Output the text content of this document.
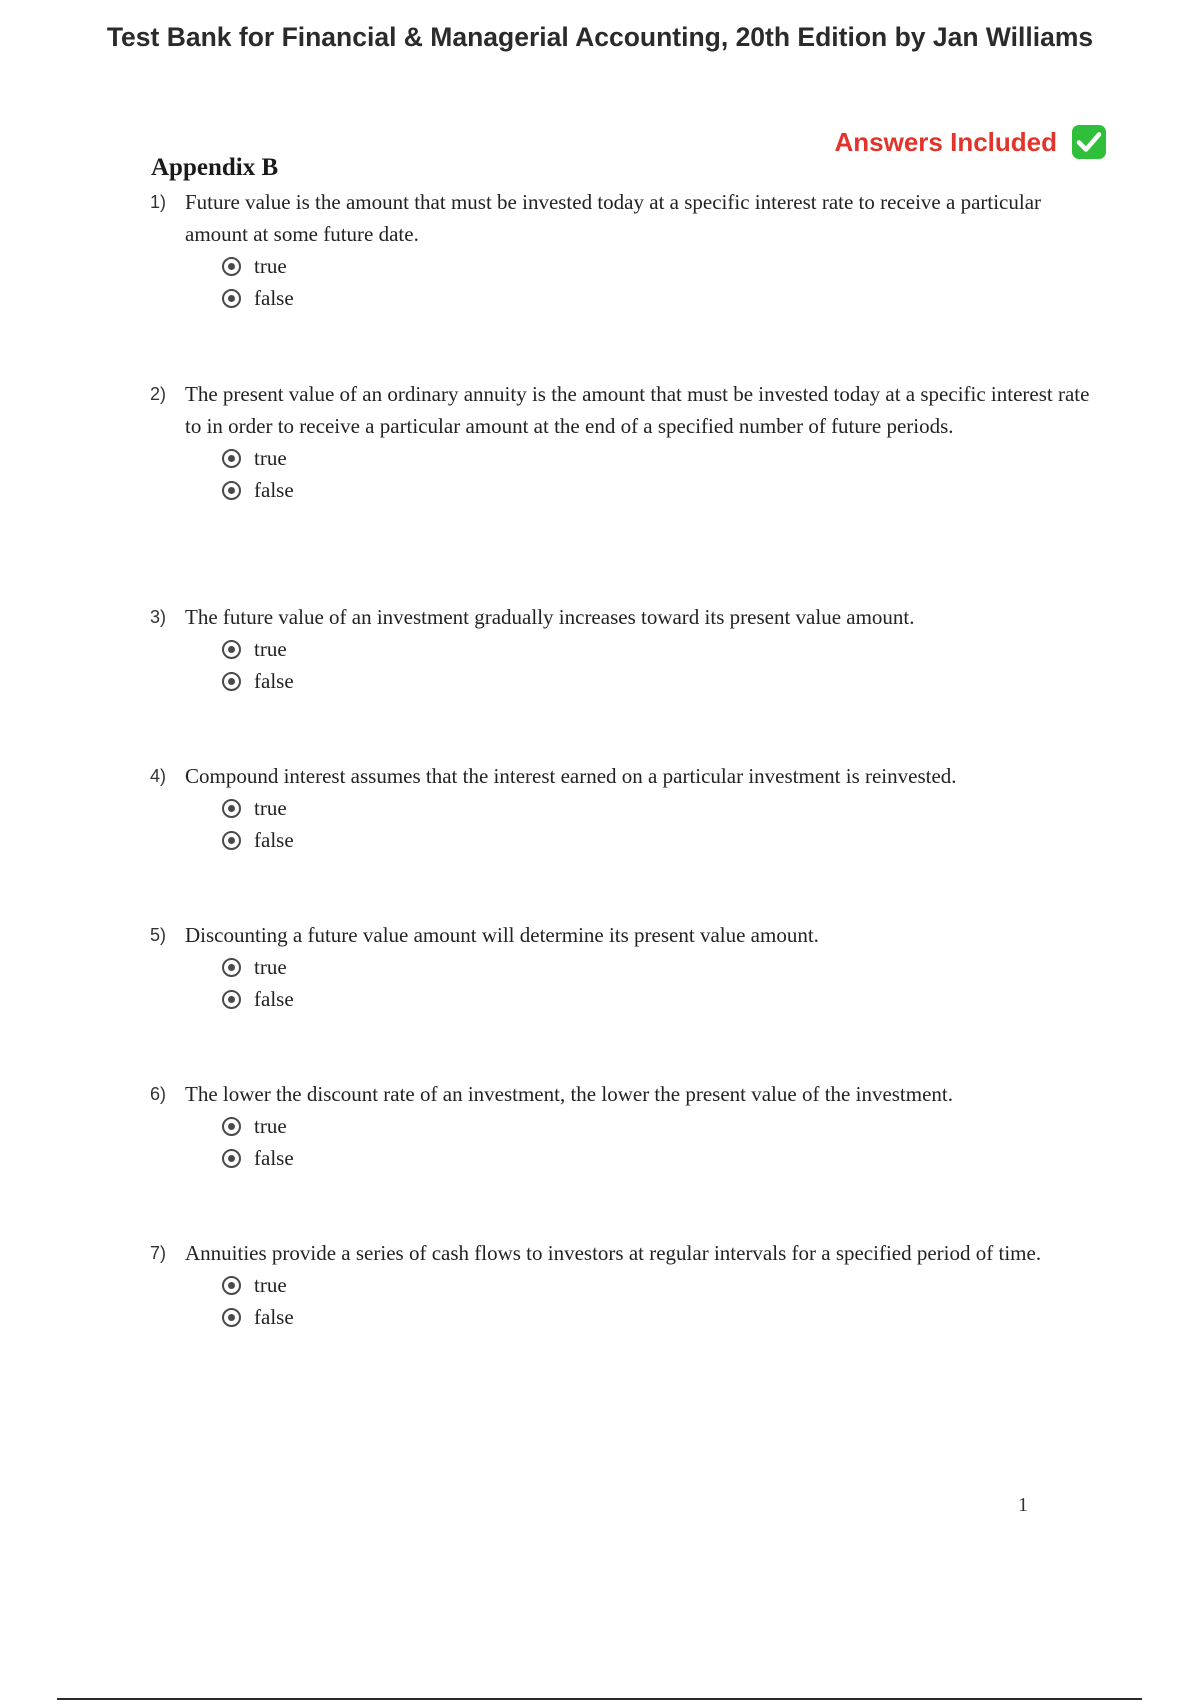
Test Bank for Financial & Managerial Accounting, 20th Edition by Jan Williams
Answers Included
Appendix B
1) Future value is the amount that must be invested today at a specific interest rate to receive a particular amount at some future date.
true
false
2) The present value of an ordinary annuity is the amount that must be invested today at a specific interest rate to in order to receive a particular amount at the end of a specified number of future periods.
true
false
3) The future value of an investment gradually increases toward its present value amount.
true
false
4) Compound interest assumes that the interest earned on a particular investment is reinvested.
true
false
5) Discounting a future value amount will determine its present value amount.
true
false
6) The lower the discount rate of an investment, the lower the present value of the investment.
true
false
7) Annuities provide a series of cash flows to investors at regular intervals for a specified period of time.
true
false
1
